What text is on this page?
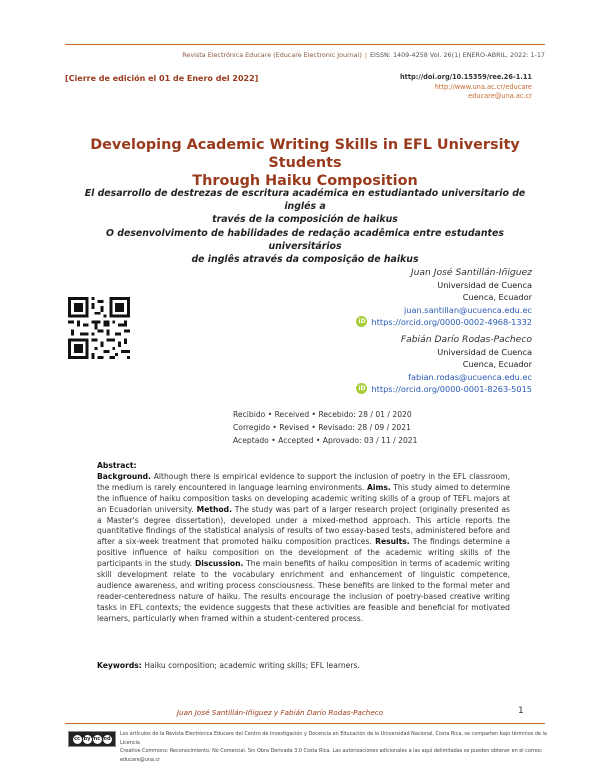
Revista Electrónica Educare (Educare Electronic Journal) | EISSN: 1409-4258 Vol. 26(1) ENERO-ABRIL, 2022: 1-17
[Cierre de edición el 01 de Enero del 2022]	http://doi.org/10.15359/ree.26-1.11
http://www.una.ac.cr/educare
educare@una.ac.cr
Developing Academic Writing Skills in EFL University Students
Through Haiku Composition
El desarrollo de destrezas de escritura académica en estudiantado universitario de inglés a
través de la composición de haikus
O desenvolvimento de habilidades de redação acadêmica entre estudantes universitários
de inglês através da composição de haikus
Juan José Santillán-Iñiguez
Universidad de Cuenca
Cuenca, Ecuador
juan.santillan@ucuenca.edu.ec
iD https://orcid.org/0000-0002-4968-1332
Fabián Darío Rodas-Pacheco
Universidad de Cuenca
Cuenca, Ecuador
fabian.rodas@ucuenca.edu.ec
iD https://orcid.org/0000-0001-8263-5015
Recibido • Received • Recebido: 28 / 01 / 2020
Corregido • Revised • Revisado: 28 / 09 / 2021
Aceptado • Accepted • Aprovado: 03 / 11 / 2021
Abstract:

Background. Although there is empirical evidence to support the inclusion of poetry in the EFL classroom, the medium is rarely encountered in language learning environments. Aims. This study aimed to determine the influence of haiku composition tasks on developing academic writing skills of a group of TEFL majors at an Ecuadorian university. Method. The study was part of a larger research project (originally presented as a Master's degree dissertation), developed under a mixed-method approach. This article reports the quantitative findings of the statistical analysis of results of two essay-based tests, administered before and after a six-week treatment that promoted haiku composition practices. Results. The findings determine a positive influence of haiku composition on the development of the academic writing skills of the participants in the study. Discussion. The main benefits of haiku composition in terms of academic writing skill development relate to the vocabulary enrichment and enhancement of linguistic competence, audience awareness, and writing process consciousness. These benefits are linked to the formal meter and reader-centeredness nature of haiku. The results encourage the inclusion of poetry-based creative writing tasks in EFL contexts; the evidence suggests that these activities are feasible and beneficial for motivated learners, particularly when framed within a student-centered process.

Keywords: Haiku composition; academic writing skills; EFL learners.
Juan José Santillán-Iñiguez y Fabián Darío Rodas-Pacheco	1
cc by nc nd
Los artículos de la Revista Electrónica Educare del Centro de Investigación y Docencia en Educación de la Universidad Nacional, Costa Rica, se comparten bajo términos de la Licencia
Creative Commons: Reconocimiento, No Comercial, Sin Obra Derivada 3.0 Costa Rica. Las autorizaciones adicionales a las aquí delimitadas se pueden obtener en el correo: educare@una.cr
